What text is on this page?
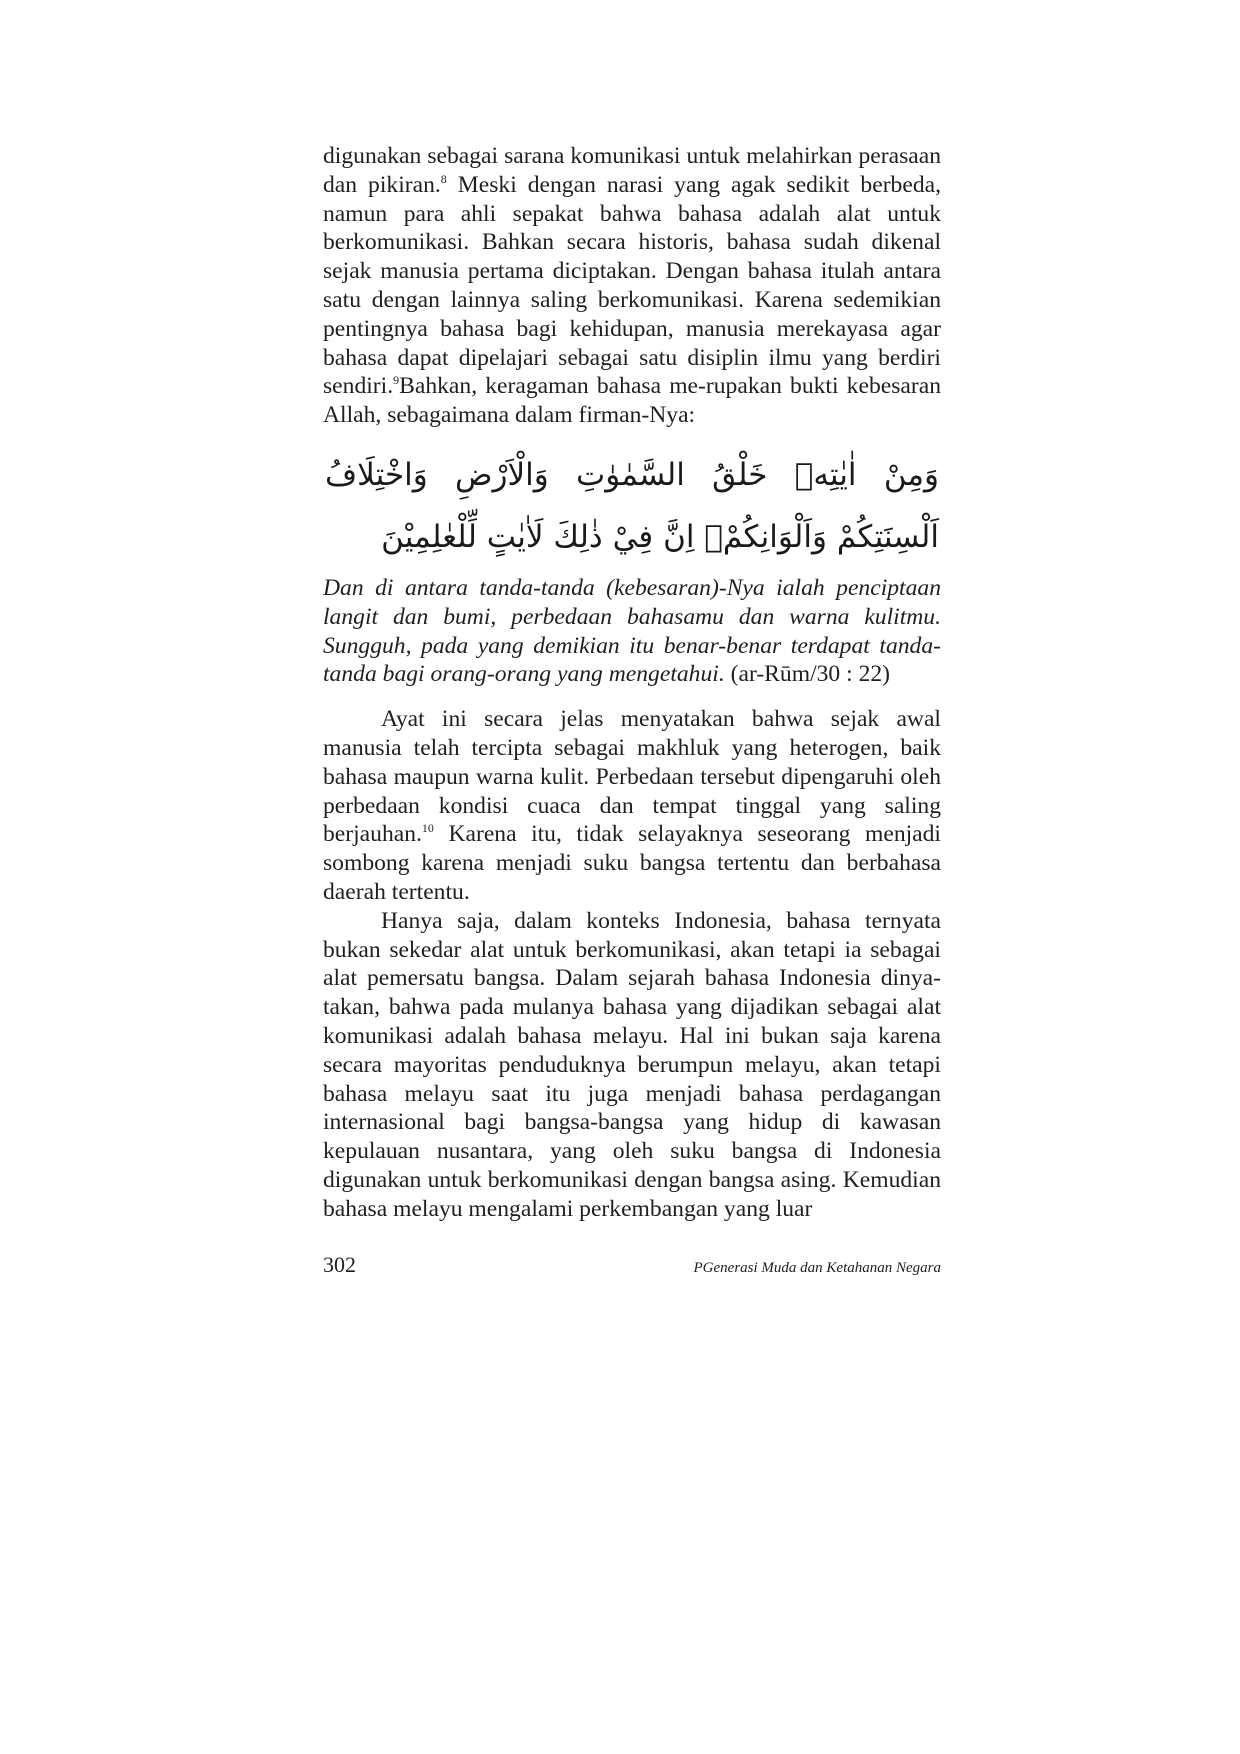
digunakan sebagai sarana komunikasi untuk melahirkan perasaan dan pikiran.$^8$ Meski dengan narasi yang agak sedikit berbeda, namun para ahli sepakat bahwa bahasa adalah alat untuk berkomunikasi. Bahkan secara historis, bahasa sudah dikenal sejak manusia pertama diciptakan. Dengan bahasa itulah antara satu dengan lainnya saling berkomunikasi. Karena sedemikian pentingnya bahasa bagi kehidupan, manusia merekayasa agar bahasa dapat dipelajari sebagai satu disiplin ilmu yang berdiri sendiri.$^9$Bahkan, keragaman bahasa me-rupakan bukti kebesaran Allah, sebagaimana dalam firman-Nya:

وَمِنْ اٰيٰتِهٖ خَلْقُ السَّمٰوٰتِ وَالْاَرْضِ وَاخْتِلَافُ اَلْسِنَتِكُمْ وَاَلْوَانِكُمْۗ اِنَّ فِيْ ذٰلِكَ لَاٰيٰتٍ لِّلْعٰلِمِيْنَ

Dan di antara tanda-tanda (kebesaran)-Nya ialah penciptaan langit dan bumi, perbedaan bahasamu dan warna kulitmu. Sungguh, pada yang demikian itu benar-benar terdapat tanda-tanda bagi orang-orang yang mengetahui. (ar-Rūm/30 : 22)

Ayat ini secara jelas menyatakan bahwa sejak awal manusia telah tercipta sebagai makhluk yang heterogen, baik bahasa maupun warna kulit. Perbedaan tersebut dipengaruhi oleh perbedaan kondisi cuaca dan tempat tinggal yang saling berjauhan.$^{10}$ Karena itu, tidak selayaknya seseorang menjadi sombong karena menjadi suku bangsa tertentu dan berbahasa daerah tertentu.

Hanya saja, dalam konteks Indonesia, bahasa ternyata bukan sekedar alat untuk berkomunikasi, akan tetapi ia sebagai alat pemersatu bangsa. Dalam sejarah bahasa Indonesia dinya-takan, bahwa pada mulanya bahasa yang dijadikan sebagai alat komunikasi adalah bahasa melayu. Hal ini bukan saja karena secara mayoritas penduduknya berumpun melayu, akan tetapi bahasa melayu saat itu juga menjadi bahasa perdagangan internasional bagi bangsa-bangsa yang hidup di kawasan kepulauan nusantara, yang oleh suku bangsa di Indonesia digunakan untuk berkomunikasi dengan bangsa asing. Kemudian bahasa melayu mengalami perkembangan yang luar

302	PGenerasi Muda dan Ketahanan Negara
